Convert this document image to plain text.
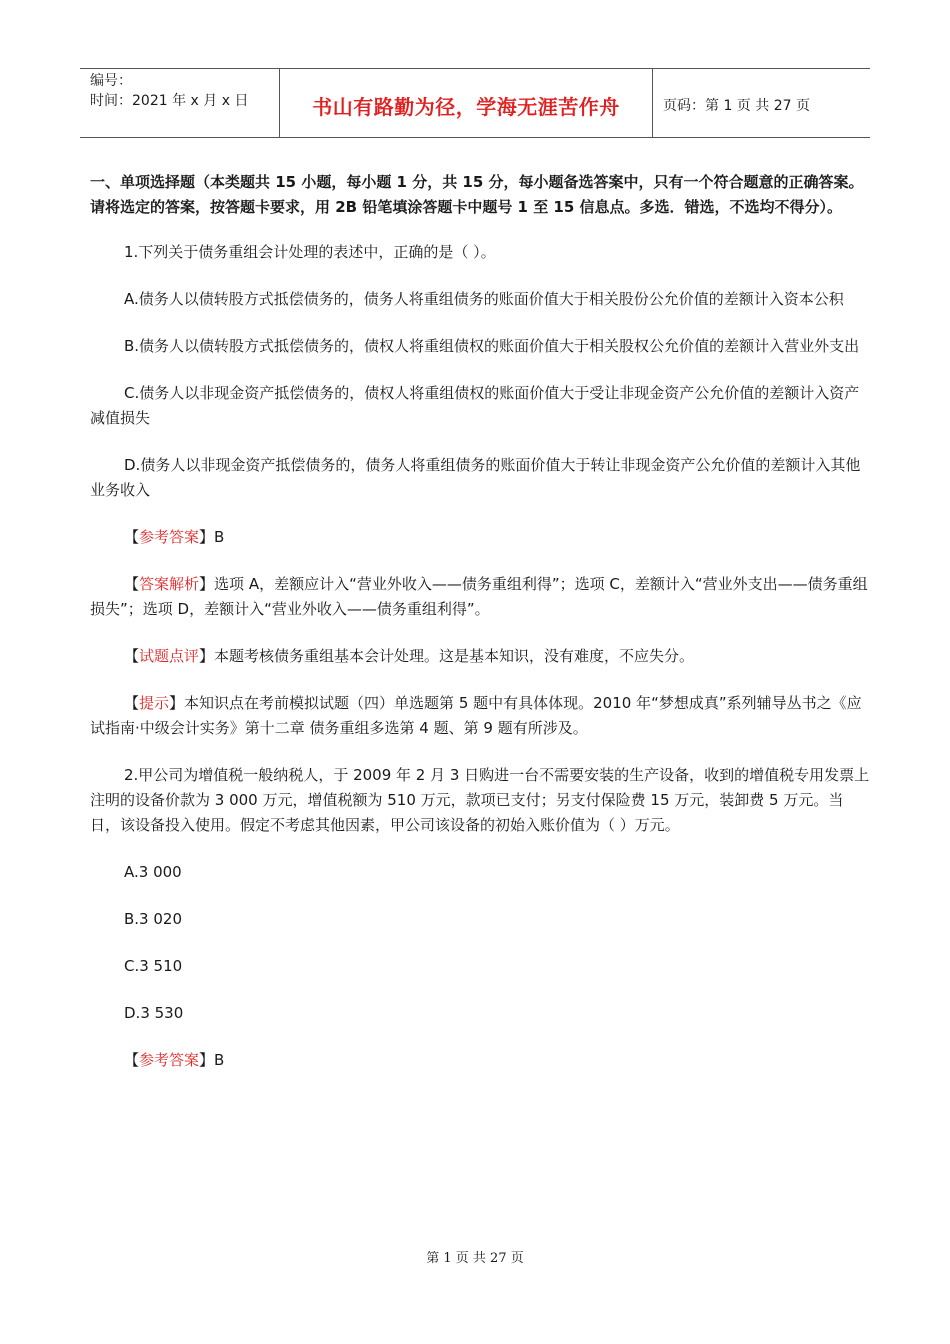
编号：
时间：2021 年 x 月 x 日	书山有路勤为径，学海无涯苦作舟	页码：第 1 页 共 27 页
一、单项选择题（本类题共 15 小题，每小题 1 分，共 15 分，每小题备选答案中，只有一个符合题意的正确答案。请将选定的答案，按答题卡要求，用 2B 铅笔填涂答题卡中题号 1 至 15 信息点。多选．错选，不选均不得分）。
1.下列关于债务重组会计处理的表述中，正确的是（ ）。
A.债务人以债转股方式抵偿债务的，债务人将重组债务的账面价值大于相关股份公允价值的差额计入资本公积
B.债务人以债转股方式抵偿债务的，债权人将重组债权的账面价值大于相关股权公允价值的差额计入营业外支出
C.债务人以非现金资产抵偿债务的，债权人将重组债权的账面价值大于受让非现金资产公允价值的差额计入资产减值损失
D.债务人以非现金资产抵偿债务的，债务人将重组债务的账面价值大于转让非现金资产公允价值的差额计入其他业务收入
【参考答案】B
【答案解析】选项 A，差额应计入“营业外收入——债务重组利得”；选项 C，差额计入“营业外支出——债务重组损失”；选项 D，差额计入“营业外收入——债务重组利得”。
【试题点评】本题考核债务重组基本会计处理。这是基本知识，没有难度，不应失分。
【提示】本知识点在考前模拟试题（四）单选题第 5 题中有具体体现。2010 年“梦想成真”系列辅导丛书之《应试指南·中级会计实务》第十二章 债务重组多选第 4 题、第 9 题有所涉及。
2.甲公司为增值税一般纳税人，于 2009 年 2 月 3 日购进一台不需要安装的生产设备，收到的增值税专用发票上注明的设备价款为 3 000 万元，增值税额为 510 万元，款项已支付；另支付保险费 15 万元，装卸费 5 万元。当日，该设备投入使用。假定不考虑其他因素，甲公司该设备的初始入账价值为（ ）万元。
A.3 000
B.3 020
C.3 510
D.3 530
【参考答案】B
第 1 页 共 27 页
